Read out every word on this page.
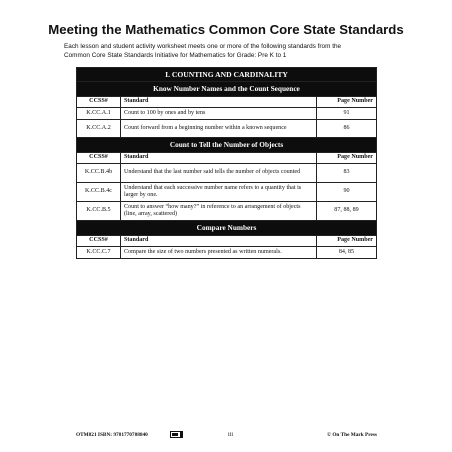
Meeting the Mathematics Common Core State Standards
Each lesson and student activity worksheet meets one or more of the following standards from the
Common Core State Standards Initiative for Mathematics for Grade: Pre K to 1
I. COUNTING AND CARDINALITY		
Know Number Names and the Count Sequence		
CCSS#	Standard	Page Number
K.CC.A.1	Count to 100 by ones and by tens	91
K.CC.A.2	Count forward from a beginning number within a known sequence	86
Count to Tell the Number of Objects		
CCSS#	Standard	Page Number
K.CC.B.4b	Understand that the last number said tells the number of objects counted	83
K.CC.B.4c	Understand that each successive number name refers to a quantity that is larger by one.	90
K.CC.B.5	Count to answer “how many?” in reference to an arrangement of objects (line, array, scattered)	87, 88, 89
Compare Numbers		
CCSS#	Standard	Page Number
K.CC.C.7	Compare the size of two numbers presented as written numerals.	84, 85
OTM821 ISBN: 9781770788840	iii	© On The Mark Press
